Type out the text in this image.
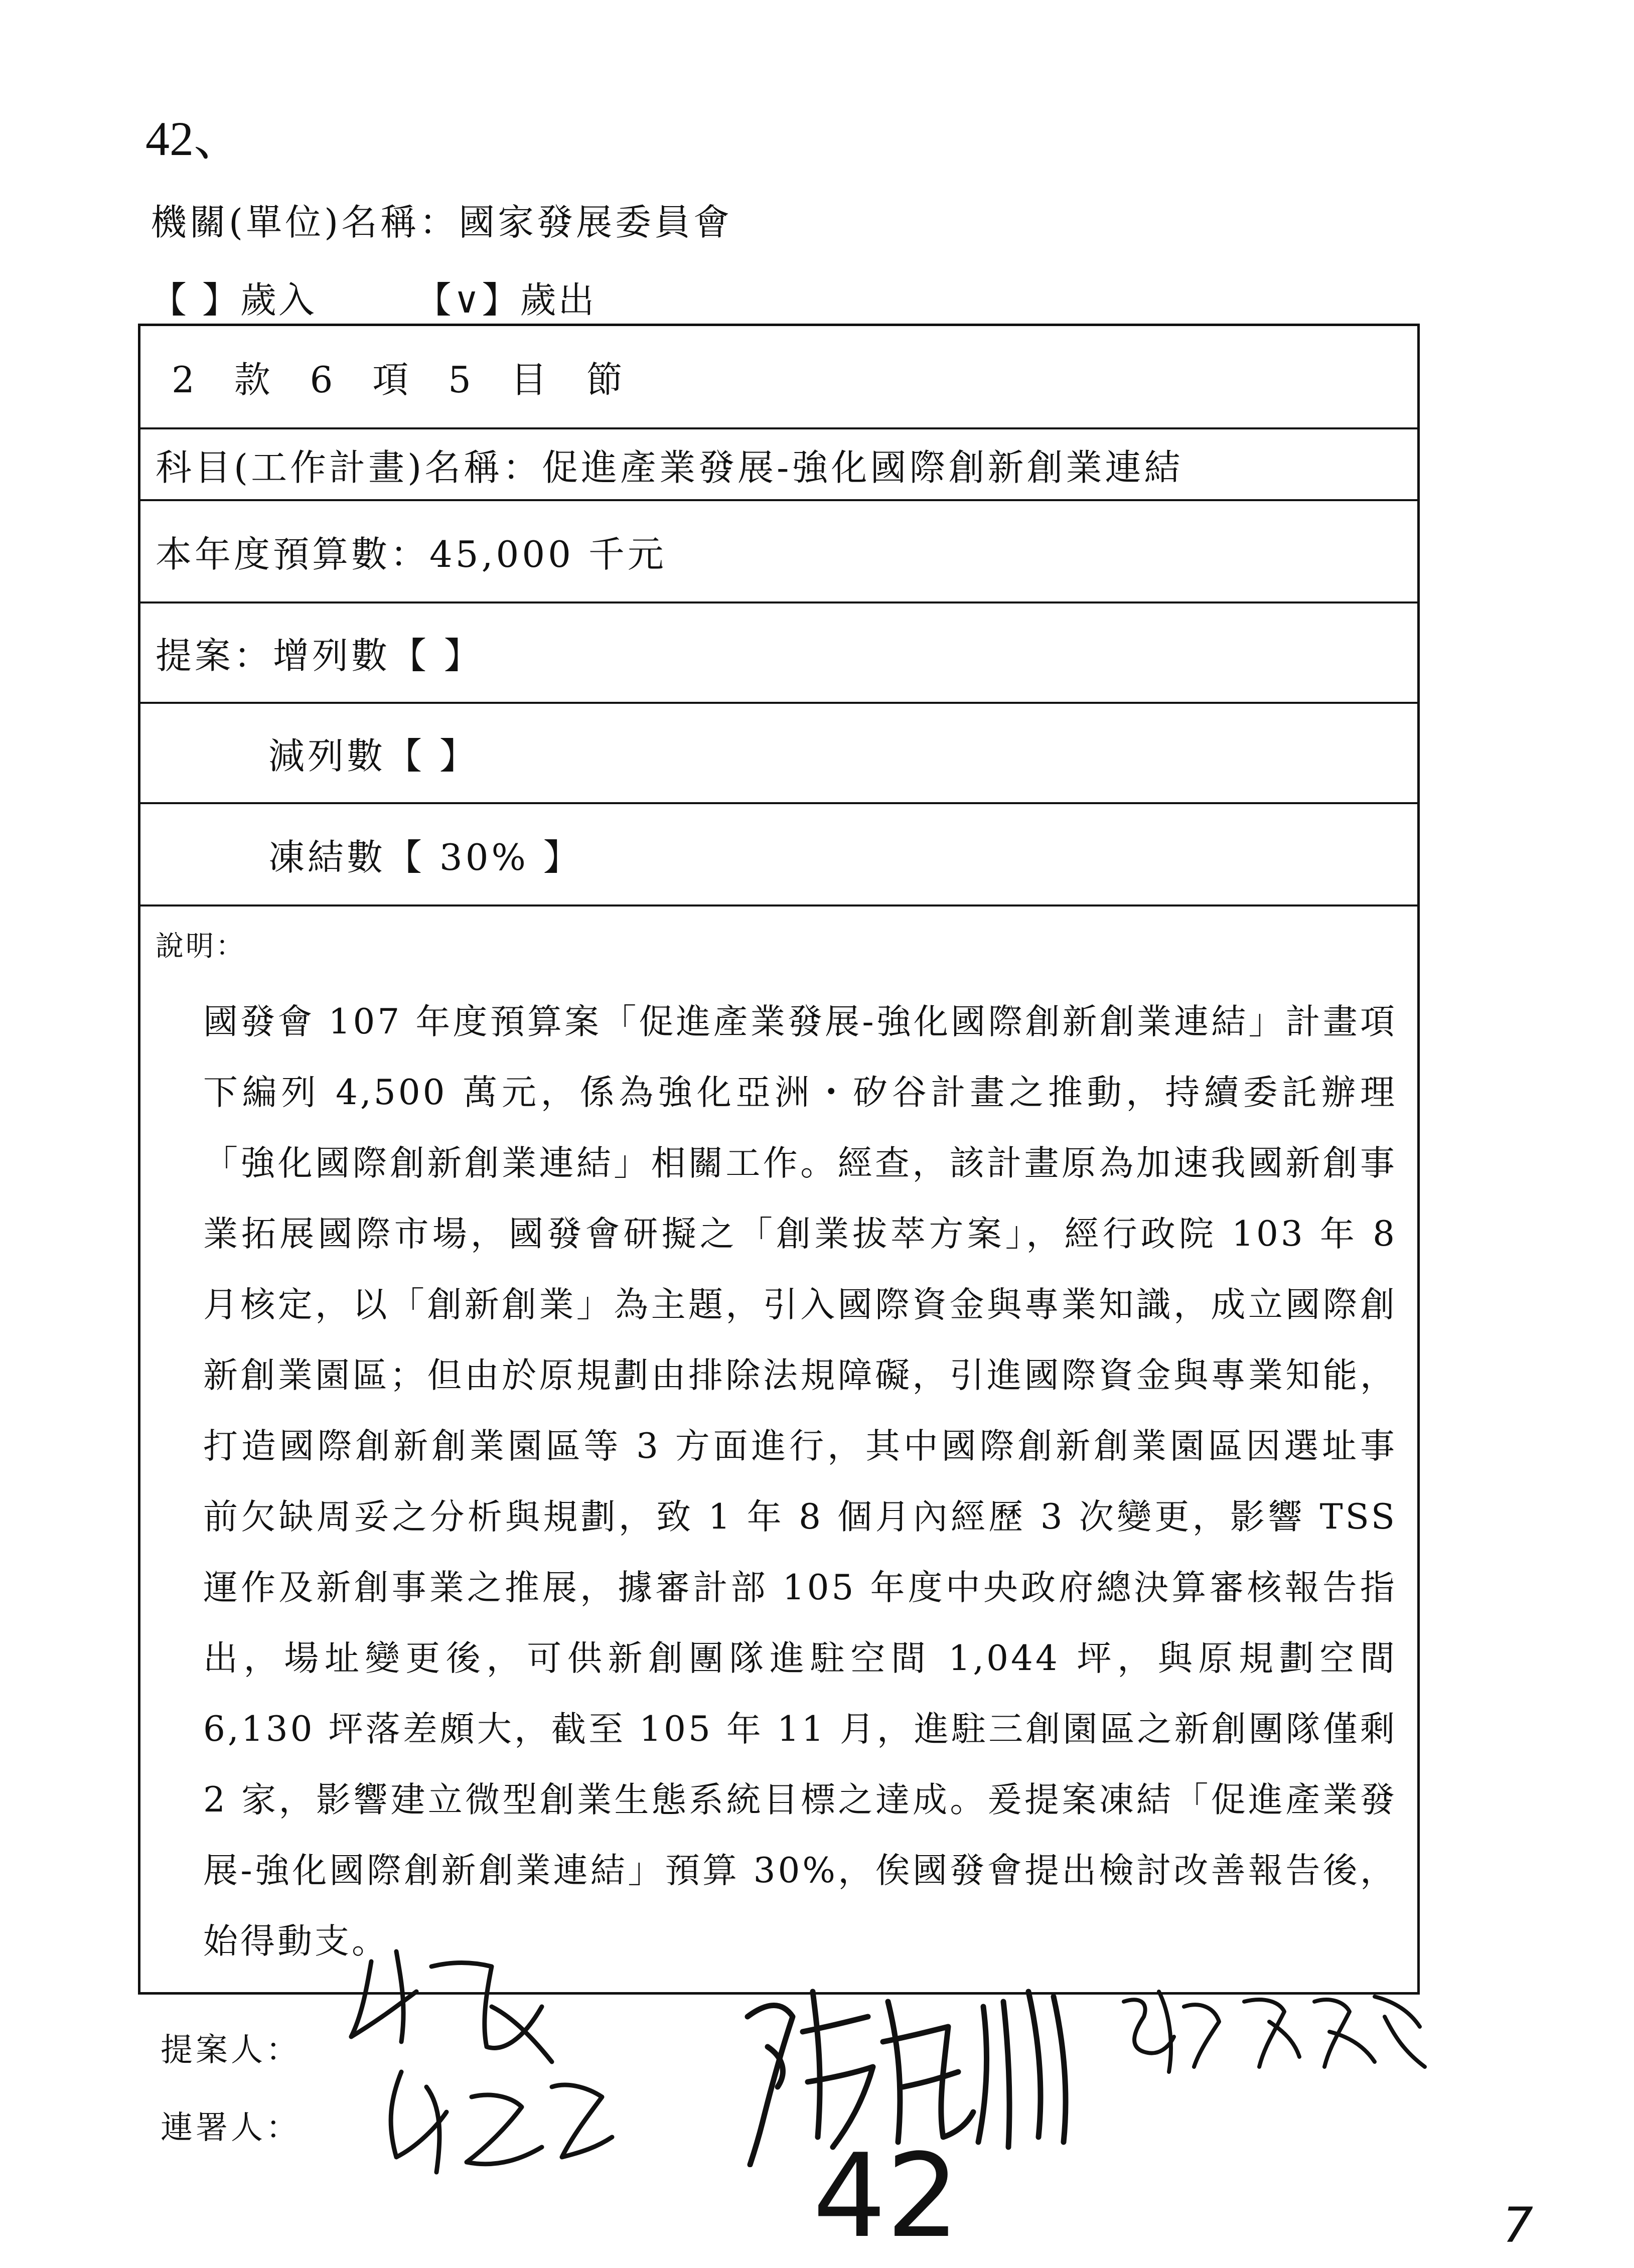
42、
機關(單位)名稱：國家發展委員會
【 】歲入	【∨】歲出
2 款 6 項 5 目 節
科目(工作計畫)名稱：促進產業發展-強化國際創新創業連結
本年度預算數：45,000 千元
提案：增列數【 】
減列數【 】
凍結數【 30% 】
說明：
國發會 107 年度預算案「促進產業發展-強化國際創新創業連結」計畫項下編列 4,500 萬元，係為強化亞洲・矽谷計畫之推動，持續委託辦理「強化國際創新創業連結」相關工作。經查，該計畫原為加速我國新創事業拓展國際市場，國發會研擬之「創業拔萃方案」，經行政院 103 年 8 月核定，以「創新創業」為主題，引入國際資金與專業知識，成立國際創新創業園區；但由於原規劃由排除法規障礙，引進國際資金與專業知能，打造國際創新創業園區等 3 方面進行，其中國際創新創業園區因選址事前欠缺周妥之分析與規劃，致 1 年 8 個月內經歷 3 次變更，影響 TSS 運作及新創事業之推展，據審計部 105 年度中央政府總決算審核報告指出，場址變更後，可供新創團隊進駐空間 1,044 坪，與原規劃空間 6,130 坪落差頗大，截至 105 年 11 月，進駐三創園區之新創團隊僅剩 2 家，影響建立微型創業生態系統目標之達成。爰提案凍結「促進產業發展-強化國際創新創業連結」預算 30%，俟國發會提出檢討改善報告後，始得動支。
提案人：
連署人：
42	7
